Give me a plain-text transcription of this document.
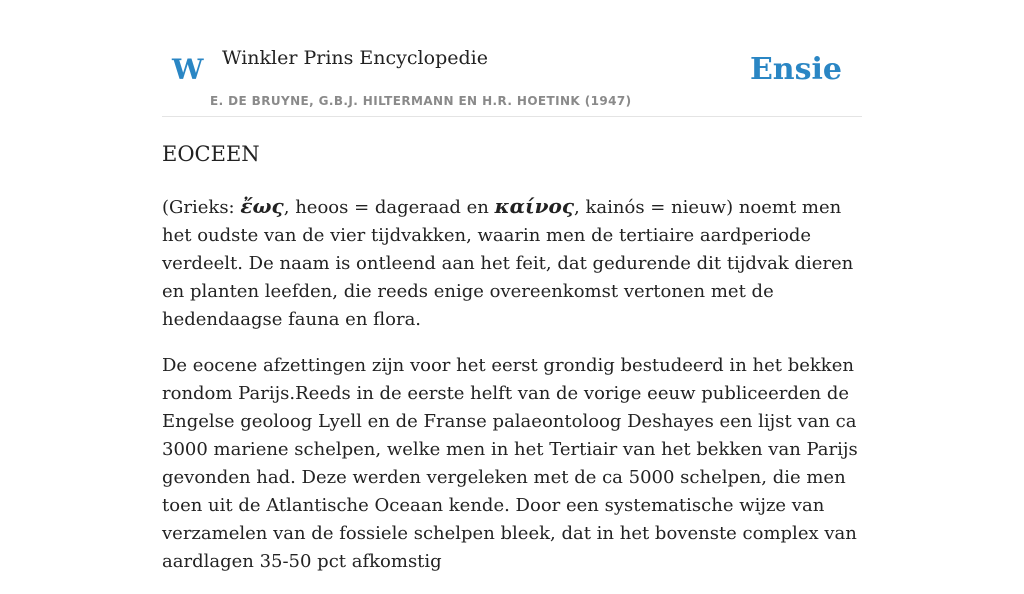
W Winkler Prins Encyclopedie
E. DE BRUYNE, G.B.J. HILTERMANN EN H.R. HOETINK (1947)
Ensie
EOCEEN

(Grieks: ἔως, heoos = dageraad en καίνος, kainós = nieuw) noemt men het oudste van de vier tijdvakken, waarin men de tertiaire aardperiode verdeelt. De naam is ontleend aan het feit, dat gedurende dit tijdvak dieren en planten leefden, die reeds enige overeenkomst vertonen met de hedendaagse fauna en flora.

De eocene afzettingen zijn voor het eerst grondig bestudeerd in het bekken rondom Parijs.Reeds in de eerste helft van de vorige eeuw publiceerden de Engelse geoloog Lyell en de Franse palaeontoloog Deshayes een lijst van ca 3000 mariene schelpen, welke men in het Tertiair van het bekken van Parijs gevonden had. Deze werden vergeleken met de ca 5000 schelpen, die men toen uit de Atlantische Oceaan kende. Door een systematische wijze van verzamelen van de fossiele schelpen bleek, dat in het bovenste complex van aardlagen 35-50 pct afkomstig
